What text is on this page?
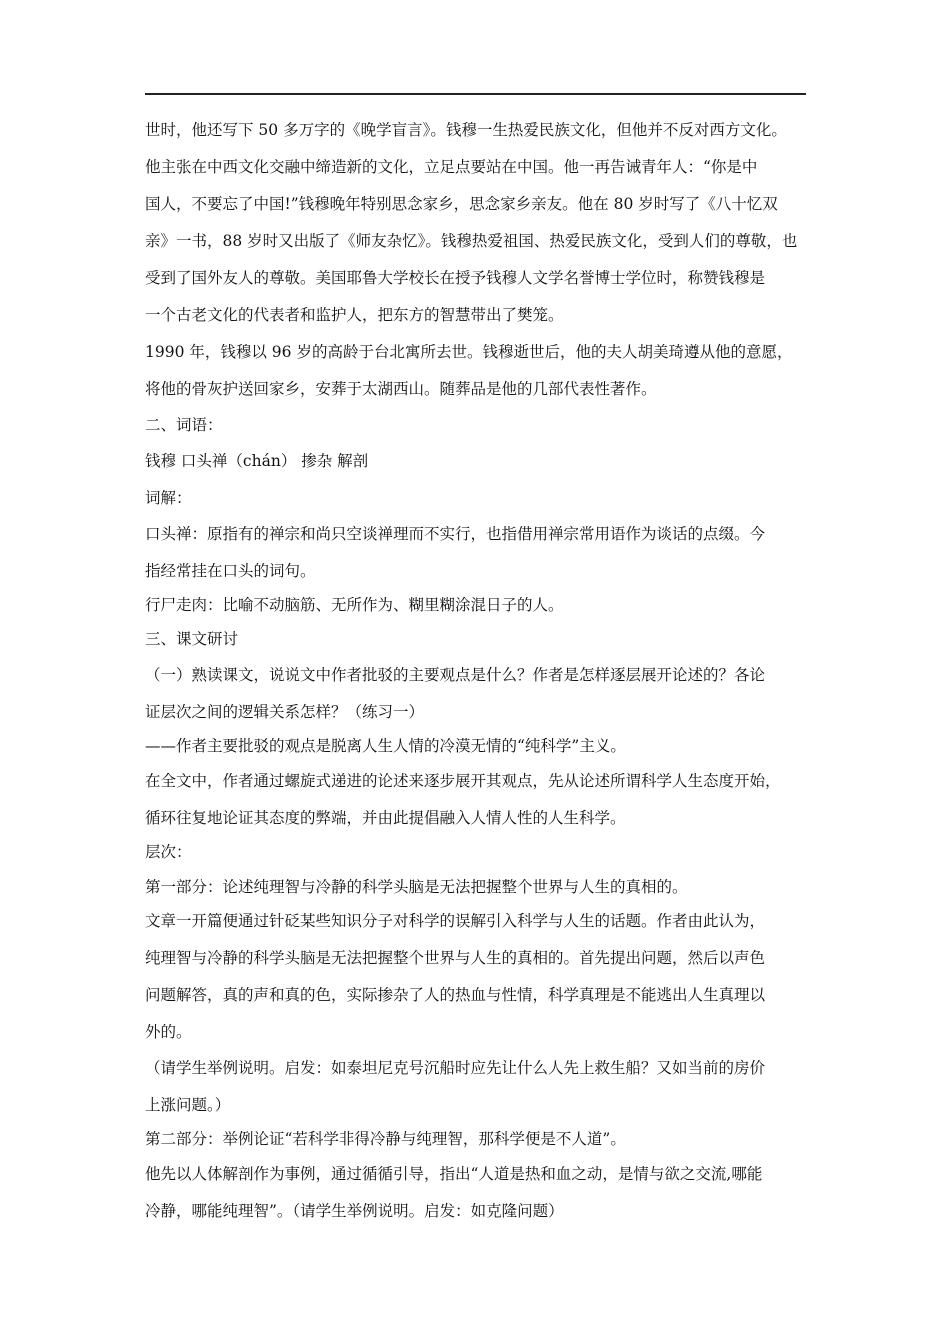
世时，他还写下 50 多万字的《晚学盲言》。钱穆一生热爱民族文化，但他并不反对西方文化。
他主张在中西文化交融中缔造新的文化，立足点要站在中国。他一再告诫青年人：“你是中
国人，不要忘了中国!”钱穆晚年特别思念家乡，思念家乡亲友。他在 80 岁时写了《八十忆双
亲》一书，88 岁时又出版了《师友杂忆》。钱穆热爱祖国、热爱民族文化，受到人们的尊敬，也
受到了国外友人的尊敬。美国耶鲁大学校长在授予钱穆人文学名誉博士学位时，称赞钱穆是
一个古老文化的代表者和监护人，把东方的智慧带出了樊笼。
1990 年，钱穆以 96 岁的高龄于台北寓所去世。钱穆逝世后，他的夫人胡美琦遵从他的意愿，
将他的骨灰护送回家乡，安葬于太湖西山。随葬品是他的几部代表性著作。
二、词语：
钱穆 口头禅（chán） 掺杂 解剖
词解：
口头禅：原指有的禅宗和尚只空谈禅理而不实行，也指借用禅宗常用语作为谈话的点缀。今
指经常挂在口头的词句。
行尸走肉：比喻不动脑筋、无所作为、糊里糊涂混日子的人。
三、课文研讨
（一）熟读课文，说说文中作者批驳的主要观点是什么？作者是怎样逐层展开论述的？各论
证层次之间的逻辑关系怎样？（练习一）
——作者主要批驳的观点是脱离人生人情的冷漠无情的“纯科学”主义。
在全文中，作者通过螺旋式递进的论述来逐步展开其观点，先从论述所谓科学人生态度开始，
循环往复地论证其态度的弊端，并由此提倡融入人情人性的人生科学。
层次：
第一部分：论述纯理智与冷静的科学头脑是无法把握整个世界与人生的真相的。
文章一开篇便通过针砭某些知识分子对科学的误解引入科学与人生的话题。作者由此认为，
纯理智与冷静的科学头脑是无法把握整个世界与人生的真相的。首先提出问题，然后以声色
问题解答，真的声和真的色，实际掺杂了人的热血与性情，科学真理是不能逃出人生真理以
外的。
（请学生举例说明。启发：如泰坦尼克号沉船时应先让什么人先上救生船？又如当前的房价
上涨问题。）
第二部分：举例论证“若科学非得冷静与纯理智，那科学便是不人道”。
他先以人体解剖作为事例，通过循循引导，指出“人道是热和血之动，是情与欲之交流,哪能
冷静，哪能纯理智”。（请学生举例说明。启发：如克隆问题）
